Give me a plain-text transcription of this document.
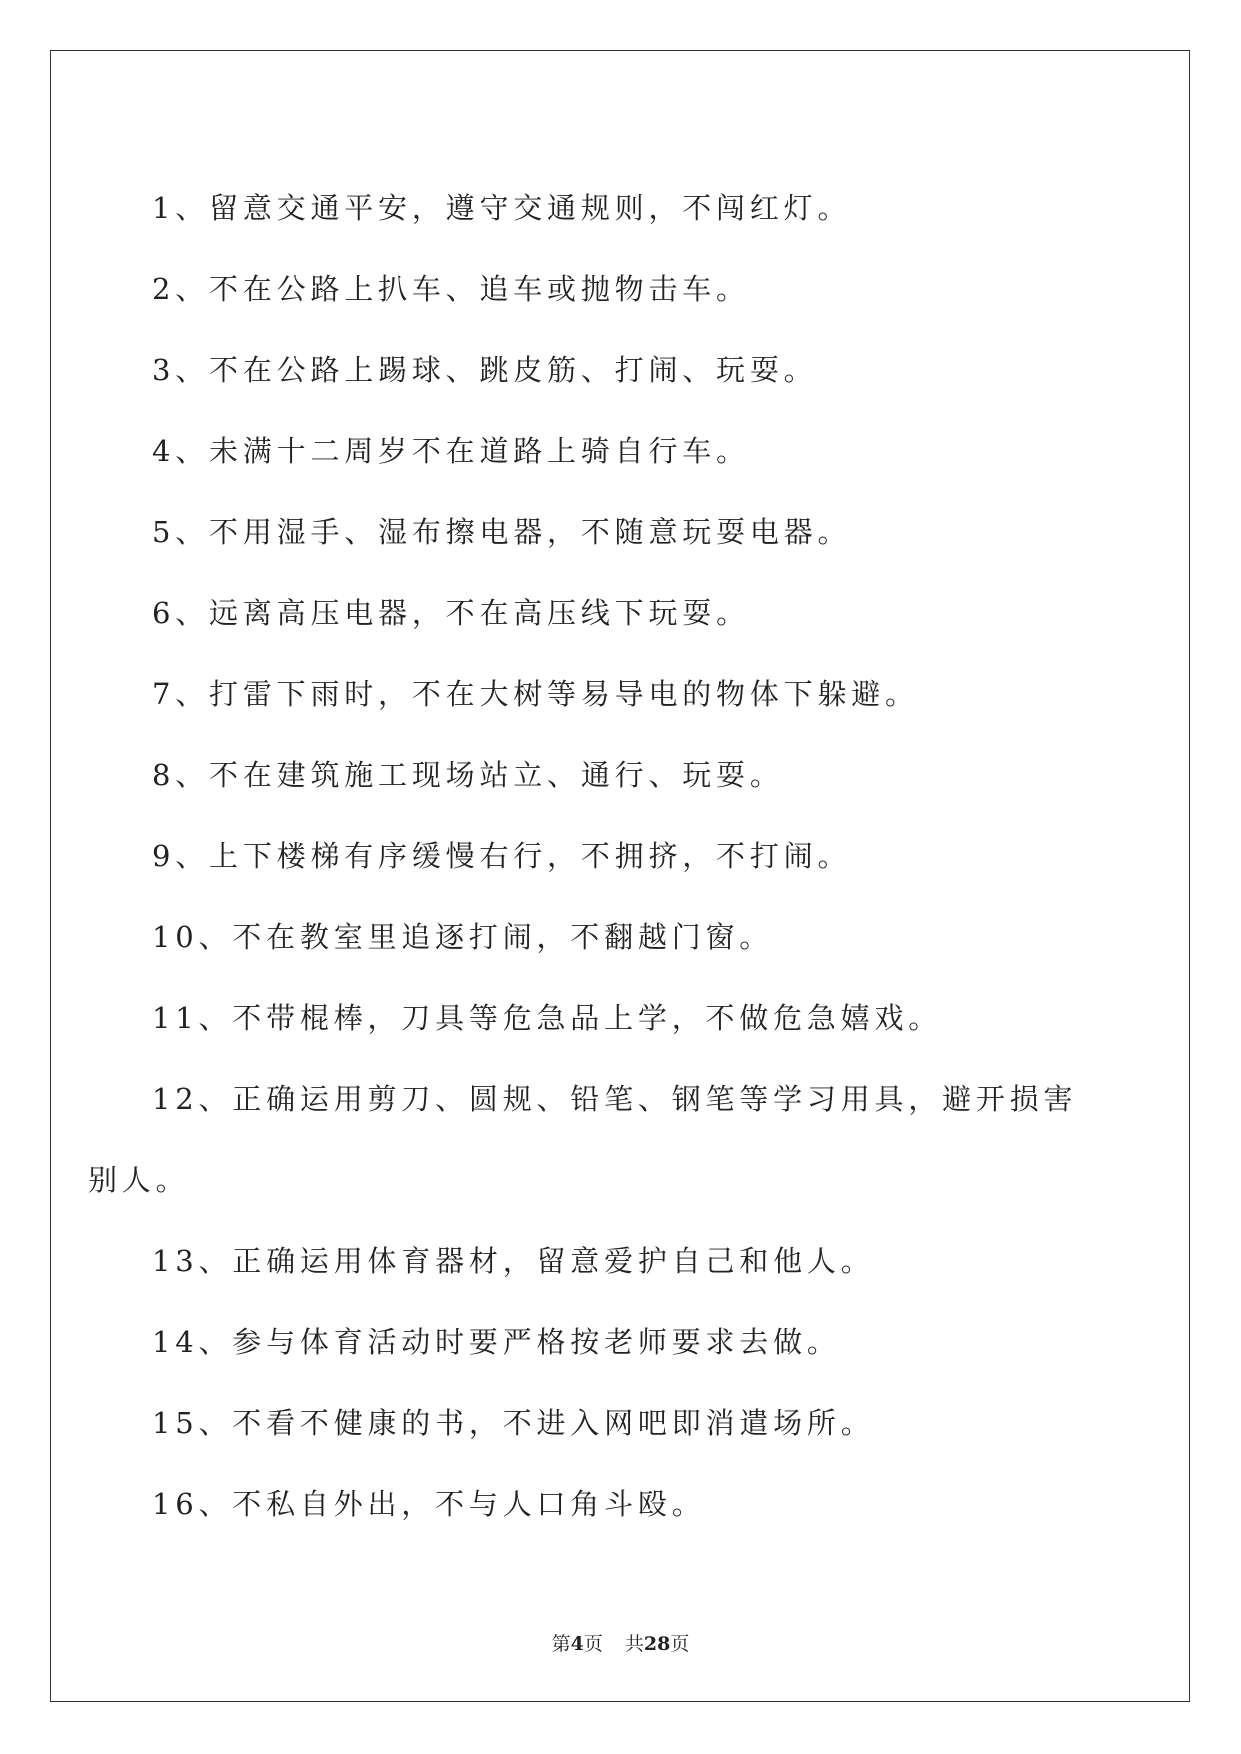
1、留意交通平安，遵守交通规则，不闯红灯。

2、不在公路上扒车、追车或抛物击车。

3、不在公路上踢球、跳皮筋、打闹、玩耍。

4、未满十二周岁不在道路上骑自行车。

5、不用湿手、湿布擦电器，不随意玩耍电器。

6、远离高压电器，不在高压线下玩耍。

7、打雷下雨时，不在大树等易导电的物体下躲避。

8、不在建筑施工现场站立、通行、玩耍。

9、上下楼梯有序缓慢右行，不拥挤，不打闹。

10、不在教室里追逐打闹，不翻越门窗。

11、不带棍棒，刀具等危急品上学，不做危急嬉戏。

12、正确运用剪刀、圆规、铅笔、钢笔等学习用具，避开损害别人。

13、正确运用体育器材，留意爱护自己和他人。

14、参与体育活动时要严格按老师要求去做。

15、不看不健康的书，不进入网吧即消遣场所。

16、不私自外出，不与人口角斗殴。

第4页 共28页
